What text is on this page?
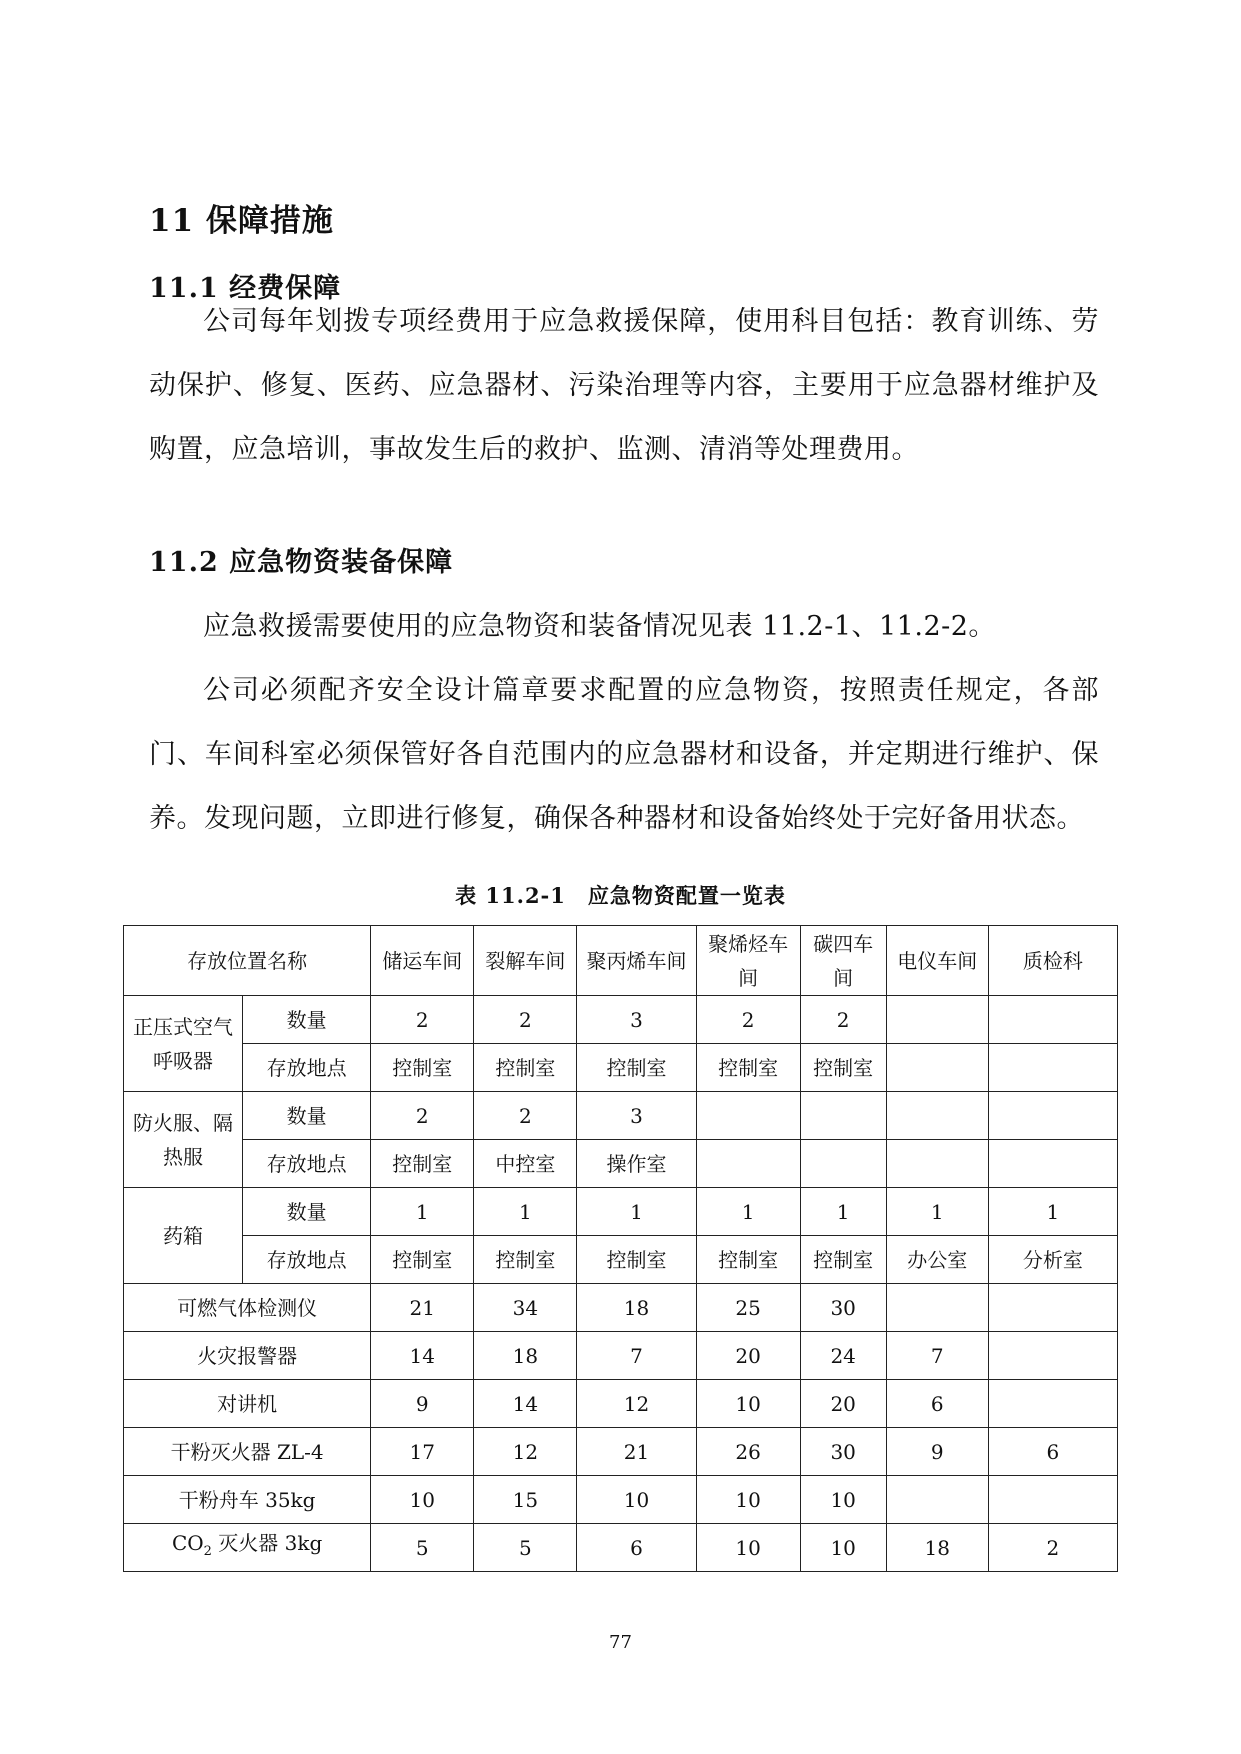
11 保障措施
11.1 经费保障

公司每年划拨专项经费用于应急救援保障，使用科目包括：教育训练、劳动保护、修复、医药、应急器材、污染治理等内容，主要用于应急器材维护及购置，应急培训，事故发生后的救护、监测、清消等处理费用。

11.2 应急物资装备保障

应急救援需要使用的应急物资和装备情况见表 11.2-1、11.2-2。

公司必须配齐安全设计篇章要求配置的应急物资，按照责任规定，各部门、车间科室必须保管好各自范围内的应急器材和设备，并定期进行维护、保养。发现问题，立即进行修复，确保各种器材和设备始终处于完好备用状态。

表 11.2-1　应急物资配置一览表

存放位置名称		储运车间	裂解车间	聚丙烯车间	聚烯烃车间	碳四车间	电仪车间	质检科
正压式空气呼吸器	数量	2	2	3	2	2		
	存放地点	控制室	控制室	控制室	控制室	控制室		
防火服、隔热服	数量	2	2	3				
	存放地点	控制室	中控室	操作室				
药箱	数量	1	1	1	1	1	1	1
	存放地点	控制室	控制室	控制室	控制室	控制室	办公室	分析室
可燃气体检测仪		21	34	18	25	30		
火灾报警器		14	18	7	20	24	7	
对讲机		9	14	12	10	20	6	
干粉灭火器 ZL-4		17	12	21	26	30	9	6
干粉舟车 35kg		10	15	10	10	10		
$CO_2$ 灭火器 3kg		5	5	6	10	10	18	2

77
